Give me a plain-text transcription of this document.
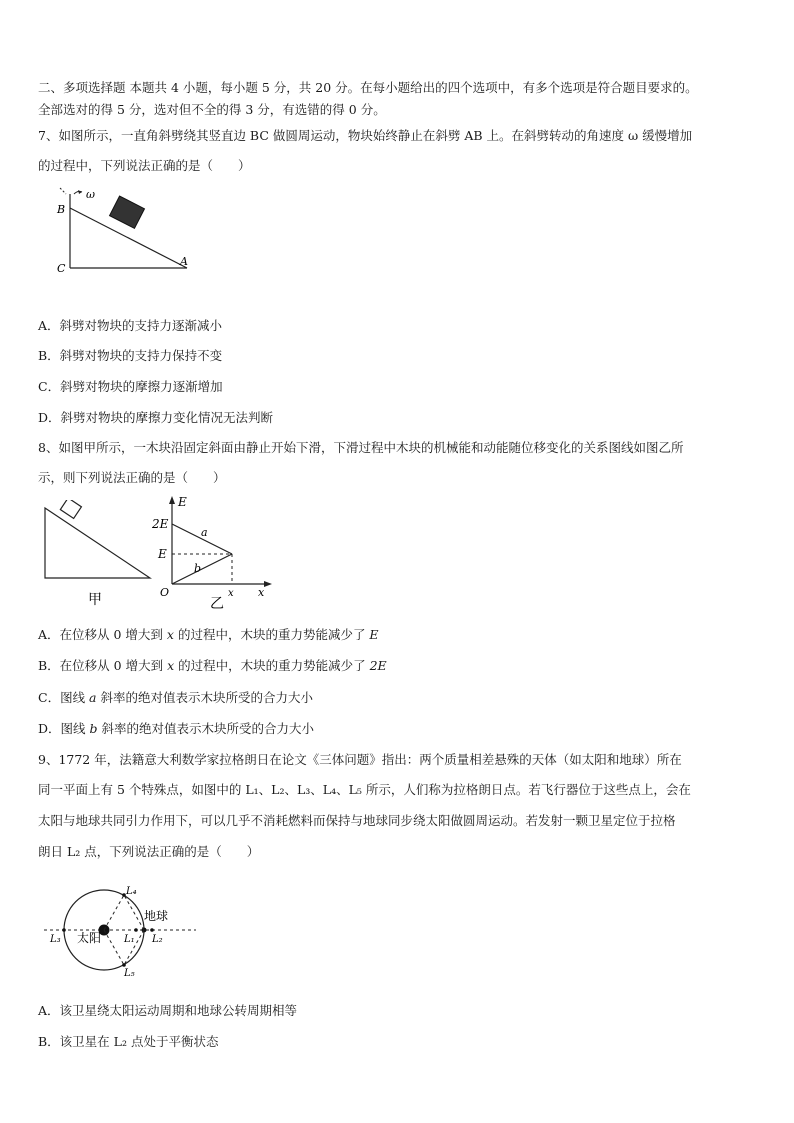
二、多项选择题 本题共 4 小题，每小题 5 分，共 20 分。在每小题给出的四个选项中，有多个选项是符合题目要求的。
全部选对的得 5 分，选对但不全的得 3 分，有选错的得 0 分。
7、如图所示，一直角斜劈绕其竖直边 BC 做圆周运动，物块始终静止在斜劈 AB 上。在斜劈转动的角速度 ω 缓慢增加
的过程中，下列说法正确的是（　　）
ω
B
C
A
A．斜劈对物块的支持力逐渐减小
B．斜劈对物块的支持力保持不变
C．斜劈对物块的摩擦力逐渐增加
D．斜劈对物块的摩擦力变化情况无法判断
8、如图甲所示，一木块沿固定斜面由静止开始下滑，下滑过程中木块的机械能和动能随位移变化的关系图线如图乙所
示，则下列说法正确的是（　　）
甲
E
2E
E
O	x x
a
b
乙
A．在位移从 0 增大到 x 的过程中，木块的重力势能减少了 E
B．在位移从 0 增大到 x 的过程中，木块的重力势能减少了 2E
C．图线 a 斜率的绝对值表示木块所受的合力大小
D．图线 b 斜率的绝对值表示木块所受的合力大小
9、1772 年，法籍意大利数学家拉格朗日在论文《三体问题》指出：两个质量相差悬殊的天体（如太阳和地球）所在
同一平面上有 5 个特殊点，如图中的 L₁、L₂、L₃、L₄、L₅ 所示，人们称为拉格朗日点。若飞行器位于这些点上，会在
太阳与地球共同引力作用下，可以几乎不消耗燃料而保持与地球同步绕太阳做圆周运动。若发射一颗卫星定位于拉格
朗日 L₂ 点，下列说法正确的是（　　）
太阳
地球
L₄
L₅
L₃	L₁ L₂
A．该卫星绕太阳运动周期和地球公转周期相等
B．该卫星在 L₂ 点处于平衡状态
